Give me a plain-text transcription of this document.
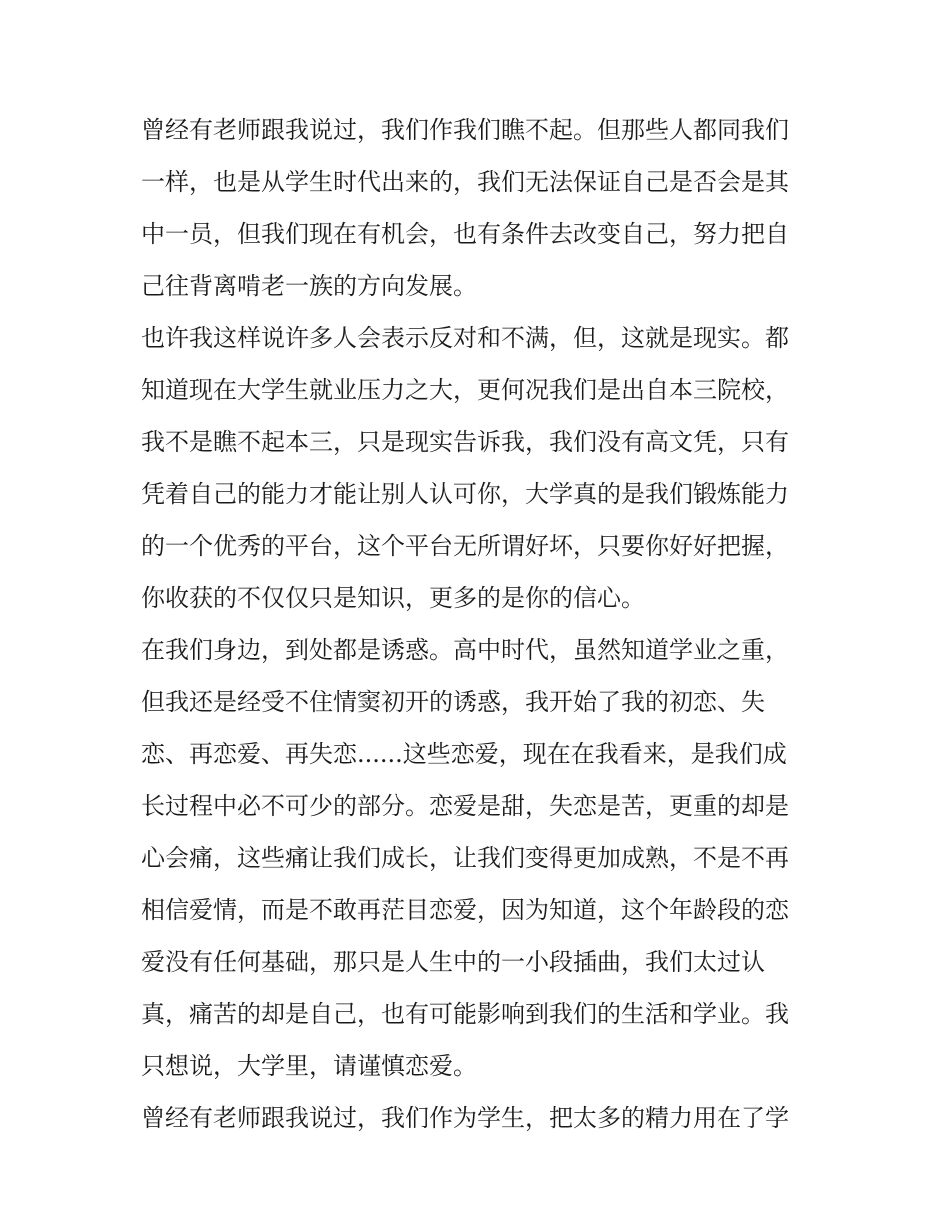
曾经有老师跟我说过，我们作我们瞧不起。但那些人都同我们
一样，也是从学生时代出来的，我们无法保证自己是否会是其
中一员，但我们现在有机会，也有条件去改变自己，努力把自
己往背离啃老一族的方向发展。
也许我这样说许多人会表示反对和不满，但，这就是现实。都
知道现在大学生就业压力之大，更何况我们是出自本三院校，
我不是瞧不起本三，只是现实告诉我，我们没有高文凭，只有
凭着自己的能力才能让别人认可你，大学真的是我们锻炼能力
的一个优秀的平台，这个平台无所谓好坏，只要你好好把握，
你收获的不仅仅只是知识，更多的是你的信心。
在我们身边，到处都是诱惑。高中时代，虽然知道学业之重，
但我还是经受不住情窦初开的诱惑，我开始了我的初恋、失
恋、再恋爱、再失恋......这些恋爱，现在在我看来，是我们成
长过程中必不可少的部分。恋爱是甜，失恋是苦，更重的却是
心会痛，这些痛让我们成长，让我们变得更加成熟，不是不再
相信爱情，而是不敢再茫目恋爱，因为知道，这个年龄段的恋
爱没有任何基础，那只是人生中的一小段插曲，我们太过认
真，痛苦的却是自己，也有可能影响到我们的生活和学业。我
只想说，大学里，请谨慎恋爱。
曾经有老师跟我说过，我们作为学生，把太多的精力用在了学
